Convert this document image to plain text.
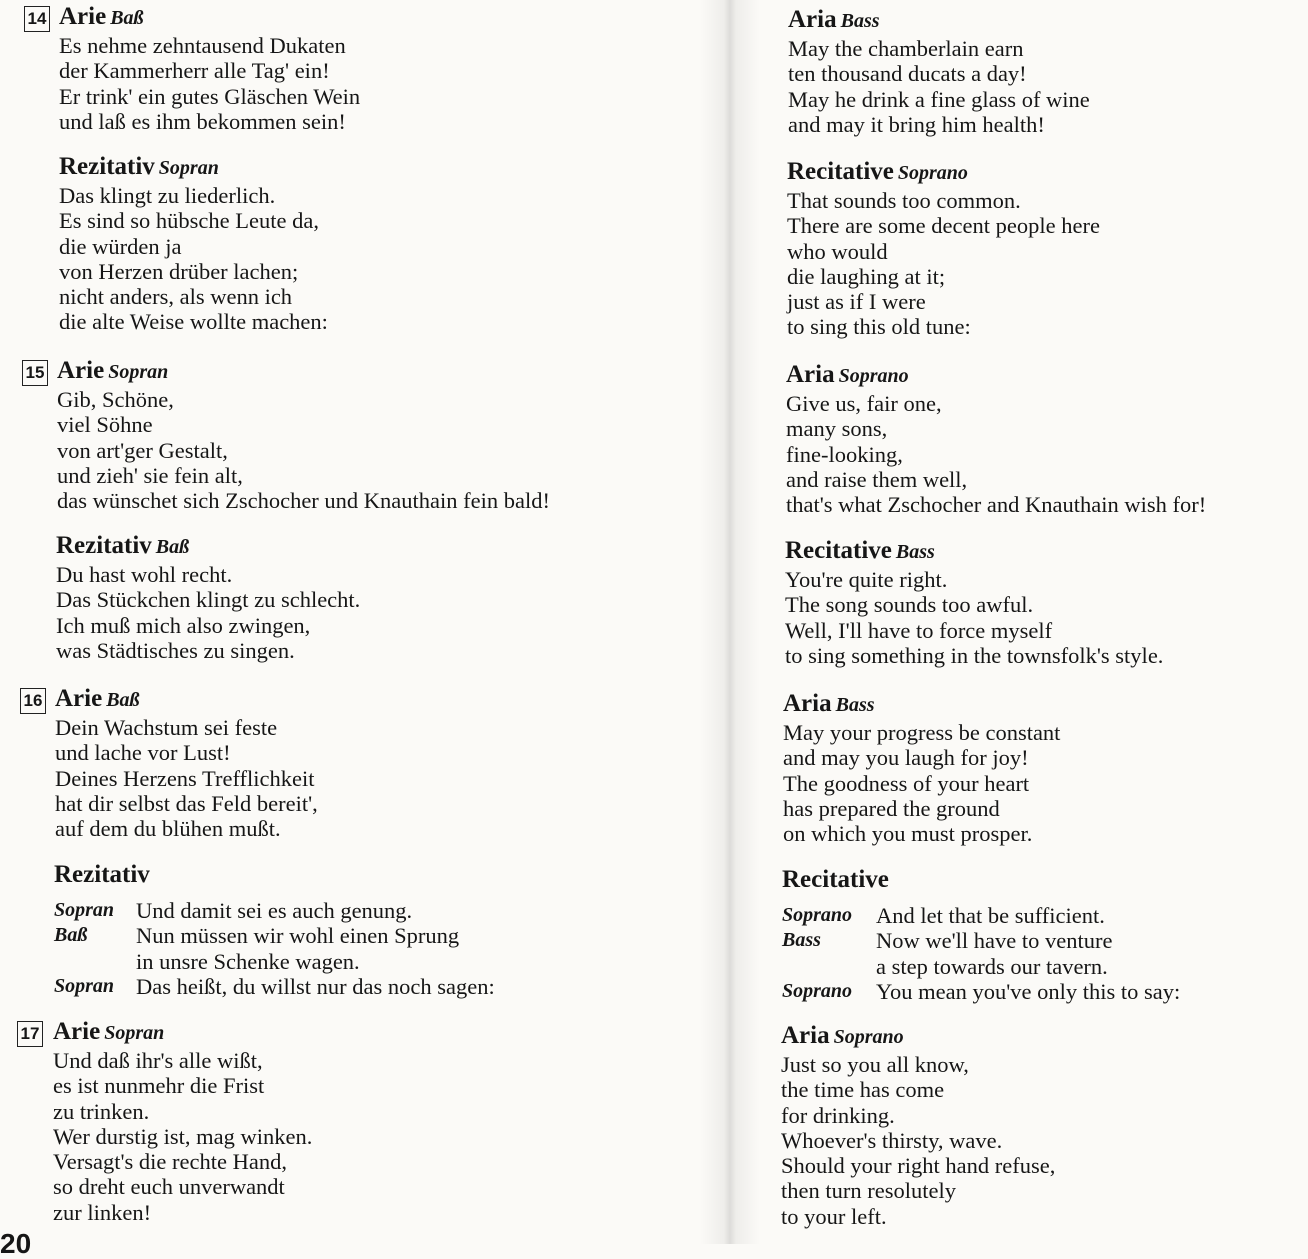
14 Arie Baß
Es nehme zehntausend Dukaten
der Kammerherr alle Tag' ein!
Er trink' ein gutes Gläschen Wein
und laß es ihm bekommen sein!
Rezitativ Sopran
Das klingt zu liederlich.
Es sind so hübsche Leute da,
die würden ja
von Herzen drüber lachen;
nicht anders, als wenn ich
die alte Weise wollte machen:
15 Arie Sopran
Gib, Schöne,
viel Söhne
von art'ger Gestalt,
und zieh' sie fein alt,
das wünschet sich Zschocher und Knauthain fein bald!
Rezitativ Baß
Du hast wohl recht.
Das Stückchen klingt zu schlecht.
Ich muß mich also zwingen,
was Städtisches zu singen.
16 Arie Baß
Dein Wachstum sei feste
und lache vor Lust!
Deines Herzens Trefflichkeit
hat dir selbst das Feld bereit',
auf dem du blühen mußt.
Rezitativ
Sopran Und damit sei es auch genung.
Baß	Nun müssen wir wohl einen Sprung
in unsre Schenke wagen.
Sopran Das heißt, du willst nur das noch sagen:
17 Arie Sopran
Und daß ihr's alle wißt,
es ist nunmehr die Frist
zu trinken.
Wer durstig ist, mag winken.
Versagt's die rechte Hand,
so dreht euch unverwandt
zur linken!
20
Aria Bass
May the chamberlain earn
ten thousand ducats a day!
May he drink a fine glass of wine
and may it bring him health!
Recitative Soprano
That sounds too common.
There are some decent people here
who would
die laughing at it;
just as if I were
to sing this old tune:
Aria Soprano
Give us, fair one,
many sons,
fine-looking,
and raise them well,
that's what Zschocher and Knauthain wish for!
Recitative Bass
You're quite right.
The song sounds too awful.
Well, I'll have to force myself
to sing something in the townsfolk's style.
Aria Bass
May your progress be constant
and may you laugh for joy!
The goodness of your heart
has prepared the ground
on which you must prosper.
Recitative
Soprano	And let that be sufficient.
Bass	Now we'll have to venture
a step towards our tavern.
Soprano	You mean you've only this to say:
Aria Soprano
Just so you all know,
the time has come
for drinking.
Whoever's thirsty, wave.
Should your right hand refuse,
then turn resolutely
to your left.
